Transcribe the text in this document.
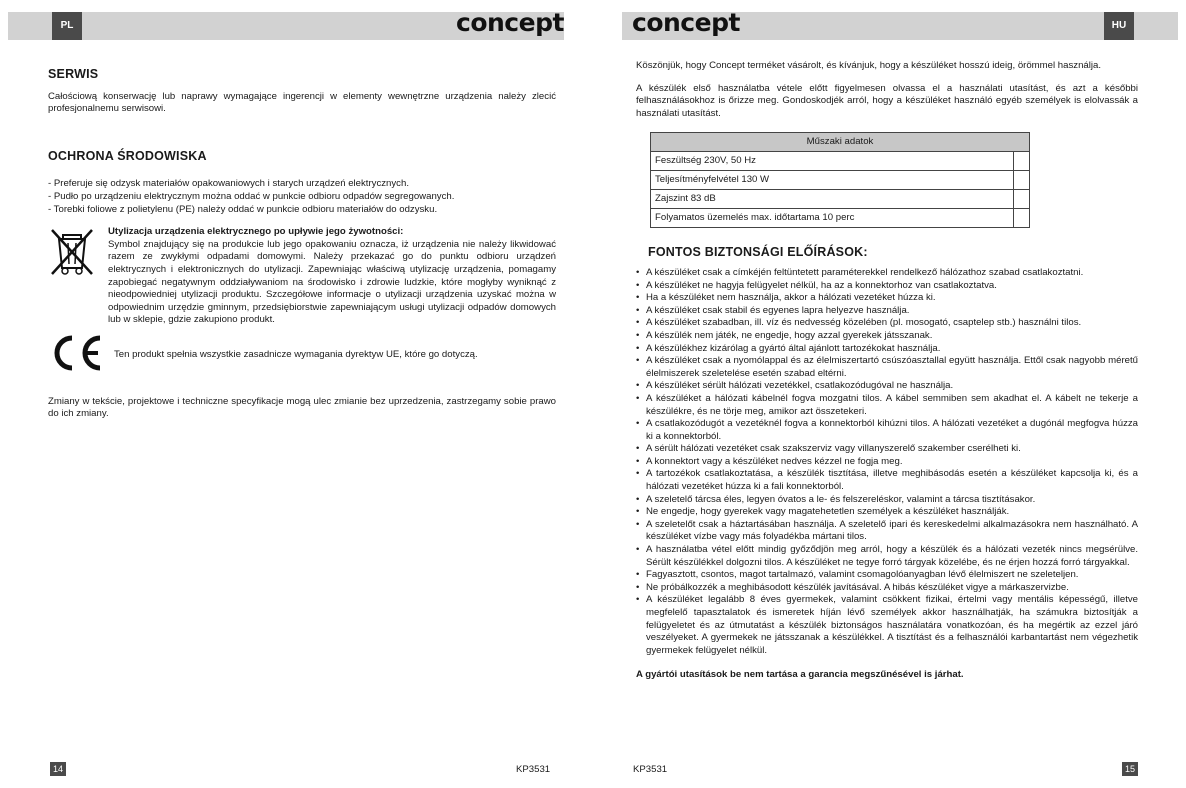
PL	HU
concept	concept
SERWIS

Całościową konserwację lub naprawy wymagające ingerencji w elementy wewnętrzne urządzenia należy zlecić profesjonalnemu serwisowi.

OCHRONA ŚRODOWISKA
- Preferuje się odzysk materiałów opakowaniowych i starych urządzeń elektrycznych.
- Pudło po urządzeniu elektrycznym można oddać w punkcie odbioru odpadów segregowanych.
- Torebki foliowe z polietylenu (PE) należy oddać w punkcie odbioru materiałów do odzysku.

Utylizacja urządzenia elektrycznego po upływie jego żywotności:

Symbol znajdujący się na produkcie lub jego opakowaniu oznacza, iż urządzenia nie należy likwidować razem ze zwykłymi odpadami domowymi. Należy przekazać go do punktu odbioru urządzeń elektrycznych i elektronicznych do utylizacji. Zapewniając właściwą utylizację urządzenia, pomagamy zapobiegać negatywnym oddziaływaniom na środowisko i zdrowie ludzkie, które mogłyby wyniknąć z nieodpowiedniej utylizacji produktu. Szczegółowe informacje o utylizacji urządzenia uzyskać można w odpowiednim urzędzie gminnym, przedsiębiorstwie zapewniającym usługi utylizacji odpadów domowych lub w sklepie, gdzie zakupiono produkt.

Ten produkt spełnia wszystkie zasadnicze wymagania dyrektyw UE, które go dotyczą.

Zmiany w tekście, projektowe i techniczne specyfikacje mogą ulec zmianie bez uprzedzenia, zastrzegamy sobie prawo do ich zmiany.

Köszönjük, hogy Concept terméket vásárolt, és kívánjuk, hogy a készüléket hosszú ideig, örömmel használja.

A készülék első használatba vétele előtt figyelmesen olvassa el a használati utasítást, és azt a későbbi felhasználásokhoz is őrizze meg. Gondoskodjék arról, hogy a készüléket használó egyéb személyek is elolvassák a használati utasítást.

Műszaki adatok	
Feszültség 230V, 50 Hz	
Teljesítményfelvétel 130 W	
Zajszint 83 dB	
Folyamatos üzemelés max. időtartama 10 perc	
FONTOS BIZTONSÁGI ELŐÍRÁSOK:
• A készüléket csak a címkéjén feltüntetett paraméterekkel rendelkező hálózathoz szabad csatlakoztatni.
• A készüléket ne hagyja felügyelet nélkül, ha az a konnektorhoz van csatlakoztatva.
• Ha a készüléket nem használja, akkor a hálózati vezetéket húzza ki.
• A készüléket csak stabil és egyenes lapra helyezve használja.
• A készüléket szabadban, ill. víz és nedvesség közelében (pl. mosogató, csaptelep stb.) használni tilos.
• A készülék nem játék, ne engedje, hogy azzal gyerekek játsszanak.
• A készülékhez kizárólag a gyártó által ajánlott tartozékokat használja.
• A készüléket csak a nyomólappal és az élelmiszertartó csúszóasztallal együtt használja. Ettől csak nagyobb méretű élelmiszerek szeletelése esetén szabad eltérni.
• A készüléket sérült hálózati vezetékkel, csatlakozódugóval ne használja.
• A készüléket a hálózati kábelnél fogva mozgatni tilos. A kábel semmiben sem akadhat el. A kábelt ne tekerje a készülékre, és ne törje meg, amikor azt összetekeri.
• A csatlakozódugót a vezetéknél fogva a konnektorból kihúzni tilos. A hálózati vezetéket a dugónál megfogva húzza ki a konnektorból.
• A sérült hálózati vezetéket csak szakszerviz vagy villanyszerelő szakember cserélheti ki.
• A konnektort vagy a készüléket nedves kézzel ne fogja meg.
• A tartozékok csatlakoztatása, a készülék tisztítása, illetve meghibásodás esetén a készüléket kapcsolja ki, és a hálózati vezetéket húzza ki a fali konnektorból.
• A szeletelő tárcsa éles, legyen óvatos a le- és felszereléskor, valamint a tárcsa tisztításakor.
• Ne engedje, hogy gyerekek vagy magatehetetlen személyek a készüléket használják.
• A szeletelőt csak a háztartásában használja. A szeletelő ipari és kereskedelmi alkalmazásokra nem használható. A készüléket vízbe vagy más folyadékba mártani tilos.
• A használatba vétel előtt mindig győződjön meg arról, hogy a készülék és a hálózati vezeték nincs megsérülve. Sérült készülékkel dolgozni tilos. A készüléket ne tegye forró tárgyak közelébe, és ne érjen hozzá forró tárgyakkal.
• Fagyasztott, csontos, magot tartalmazó, valamint csomagolóanyagban lévő élelmiszert ne szeleteljen.
• Ne próbálkozzék a meghibásodott készülék javításával. A hibás készüléket vigye a márkaszervizbe.
• A készüléket legalább 8 éves gyermekek, valamint csökkent fizikai, értelmi vagy mentális képességű, illetve megfelelő tapasztalatok és ismeretek híján lévő személyek akkor használhatják, ha számukra biztosítják a felügyeletet és az útmutatást a készülék biztonságos használatára vonatkozóan, és ha megértik az ezzel járó veszélyeket. A gyermekek ne játsszanak a készülékkel. A tisztítást és a felhasználói karbantartást nem végezhetik gyermekek felügyelet nélkül.

A gyártói utasítások be nem tartása a garancia megszűnésével is járhat.

14	KP3531	KP3531	15
